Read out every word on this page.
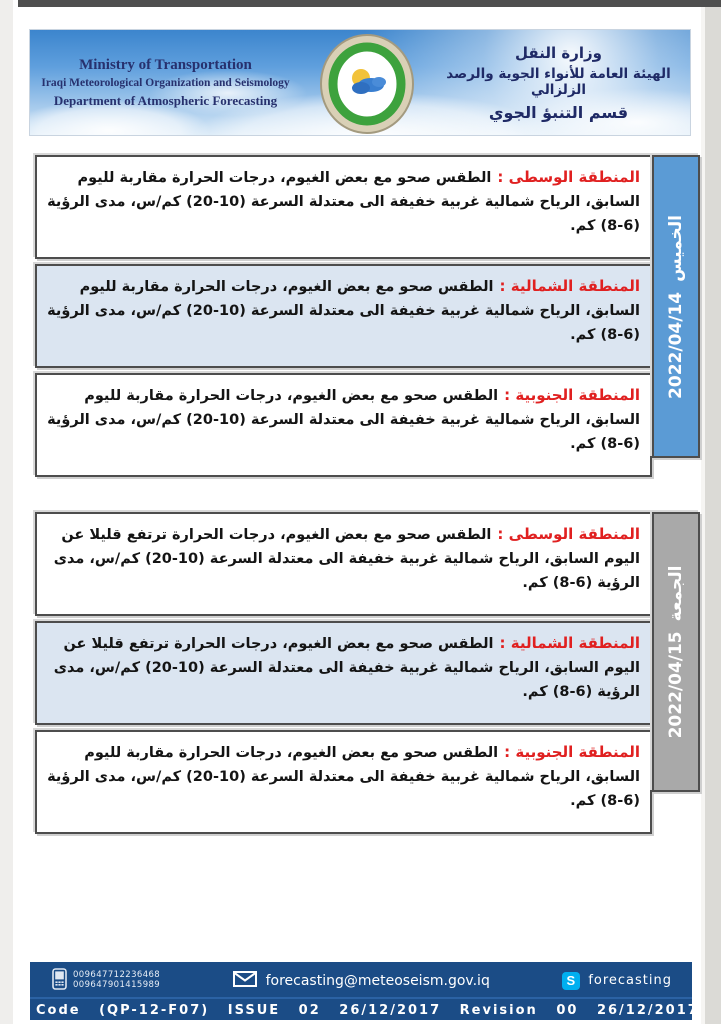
Ministry of Transportation
Iraqi Meteorological Organization and Seismology
Department of Atmospheric Forecasting
وزارة النقل
الهيئة العامة للأنواء الجوية والرصد الزلزالي
قسم التنبؤ الجوي

المنطقة الوسطى :الطقس صحو مع بعض الغيوم، درجات الحرارة مقاربة لليوم السابق، الرياح شمالية غربية خفيفة الى معتدلة السرعة (10-20) كم/س، مدى الرؤية (6-8) كم.

المنطقة الشمالية :الطقس صحو مع بعض الغيوم، درجات الحرارة مقاربة لليوم السابق، الرياح شمالية غربية خفيفة الى معتدلة السرعة (10-20) كم/س، مدى الرؤية (6-8) كم.

المنطقة الجنوبية :الطقس صحو مع بعض الغيوم، درجات الحرارة مقاربة لليوم السابق، الرياح شمالية غربية خفيفة الى معتدلة السرعة (10-20) كم/س، مدى الرؤية (6-8) كم.

الخميس2022/04/14

المنطقة الوسطى :الطقس صحو مع بعض الغيوم، درجات الحرارة ترتفع قليلا عن اليوم السابق، الرياح شمالية غربية خفيفة الى معتدلة السرعة (10-20) كم/س، مدى الرؤية (6-8) كم.

المنطقة الشمالية :الطقس صحو مع بعض الغيوم، درجات الحرارة ترتفع قليلا عن اليوم السابق، الرياح شمالية غربية خفيفة الى معتدلة السرعة (10-20) كم/س، مدى الرؤية (6-8) كم.

المنطقة الجنوبية :الطقس صحو مع بعض الغيوم، درجات الحرارة مقاربة لليوم السابق، الرياح شمالية غربية خفيفة الى معتدلة السرعة (10-20) كم/س، مدى الرؤية (6-8) كم.

الجمعة2022/04/15
009647712236468
009647901415989	forecasting@meteoseism.gov.iq	S forecasting
Code (QP-12-F07) ISSUE 02 26/12/2017 Revision 00 26/12/2017
